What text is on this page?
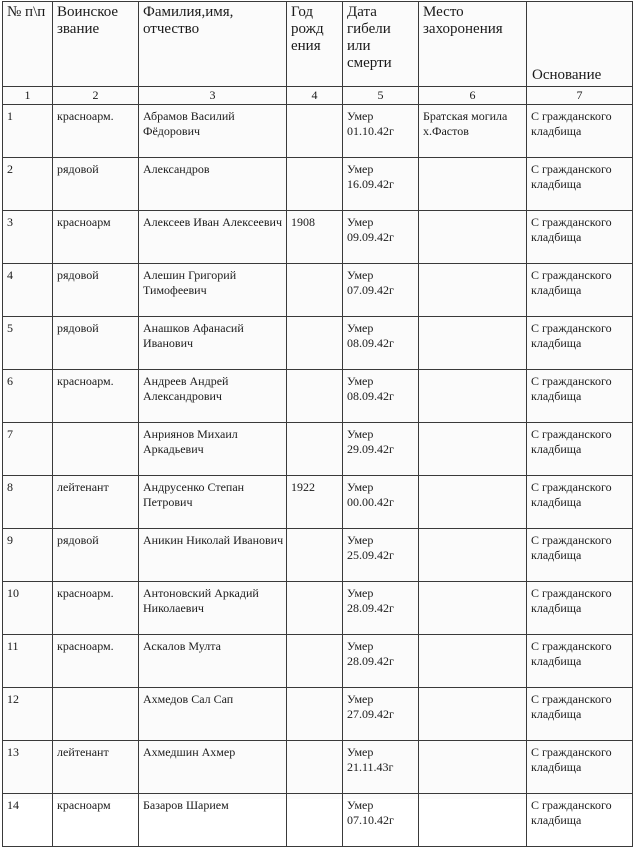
№ п\п	Воинское звание	Фамилия,имя, отчество	Год рожд ения	Дата гибели или смерти	Место захоронения	Основание

1	2	3	4	5	6	7
1	красноарм.	Абрамов Василий Фёдорович		Умер 01.10.42г	Братская могила х.Фастов	С гражданского кладбища
2	рядовой	Александров		Умер 16.09.42г		С гражданского кладбища
3	красноарм	Алексеев Иван Алексеевич	1908	Умер 09.09.42г		С гражданского кладбища
4	рядовой	Алешин Григорий Тимофеевич		Умер 07.09.42г		С гражданского кладбища
5	рядовой	Анашков Афанасий Иванович		Умер 08.09.42г		С гражданского кладбища
6	красноарм.	Андреев Андрей Александрович		Умер 08.09.42г		С гражданского кладбища
7		Анриянов Михаил Аркадьевич		Умер 29.09.42г		С гражданского кладбища
8	лейтенант	Андрусенко Степан Петрович	1922	Умер 00.00.42г		С гражданского кладбища
9	рядовой	Аникин Николай Иванович		Умер 25.09.42г		С гражданского кладбища
10	красноарм.	Антоновский Аркадий Николаевич		Умер 28.09.42г		С гражданского кладбища
11	красноарм.	Аскалов Мулта		Умер 28.09.42г		С гражданского кладбища
12		Ахмедов Сал Сап		Умер 27.09.42г		С гражданского кладбища
13	лейтенант	Ахмедшин Ахмер		Умер 21.11.43г		С гражданского кладбища
14	красноарм	Базаров Шарием		Умер 07.10.42г		С гражданского кладбища
